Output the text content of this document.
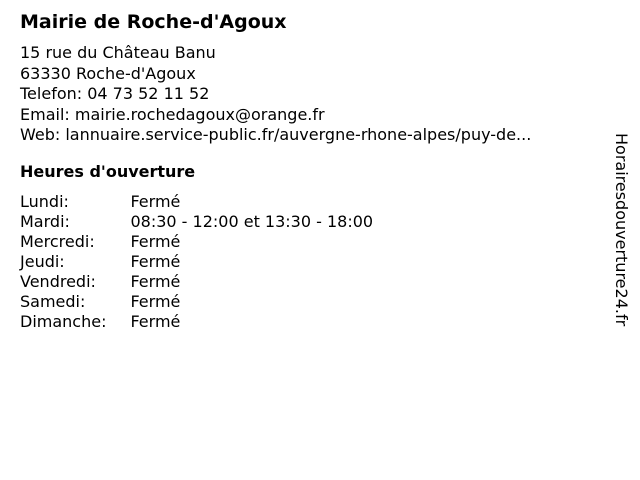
Mairie de Roche-d'Agoux
15 rue du Château Banu
63330 Roche-d'Agoux
Telefon: 04 73 52 11 52
Email: mairie.rochedagoux@orange.fr
Web: lannuaire.service-public.fr/auvergne-rhone-alpes/puy-de...
Heures d'ouverture
Lundi:	Fermé
Mardi:	08:30 - 12:00 et 13:30 - 18:00
Mercredi:	Fermé
Jeudi:	Fermé
Vendredi:	Fermé
Samedi:	Fermé
Dimanche:	Fermé	Horairesdouverture24.fr
